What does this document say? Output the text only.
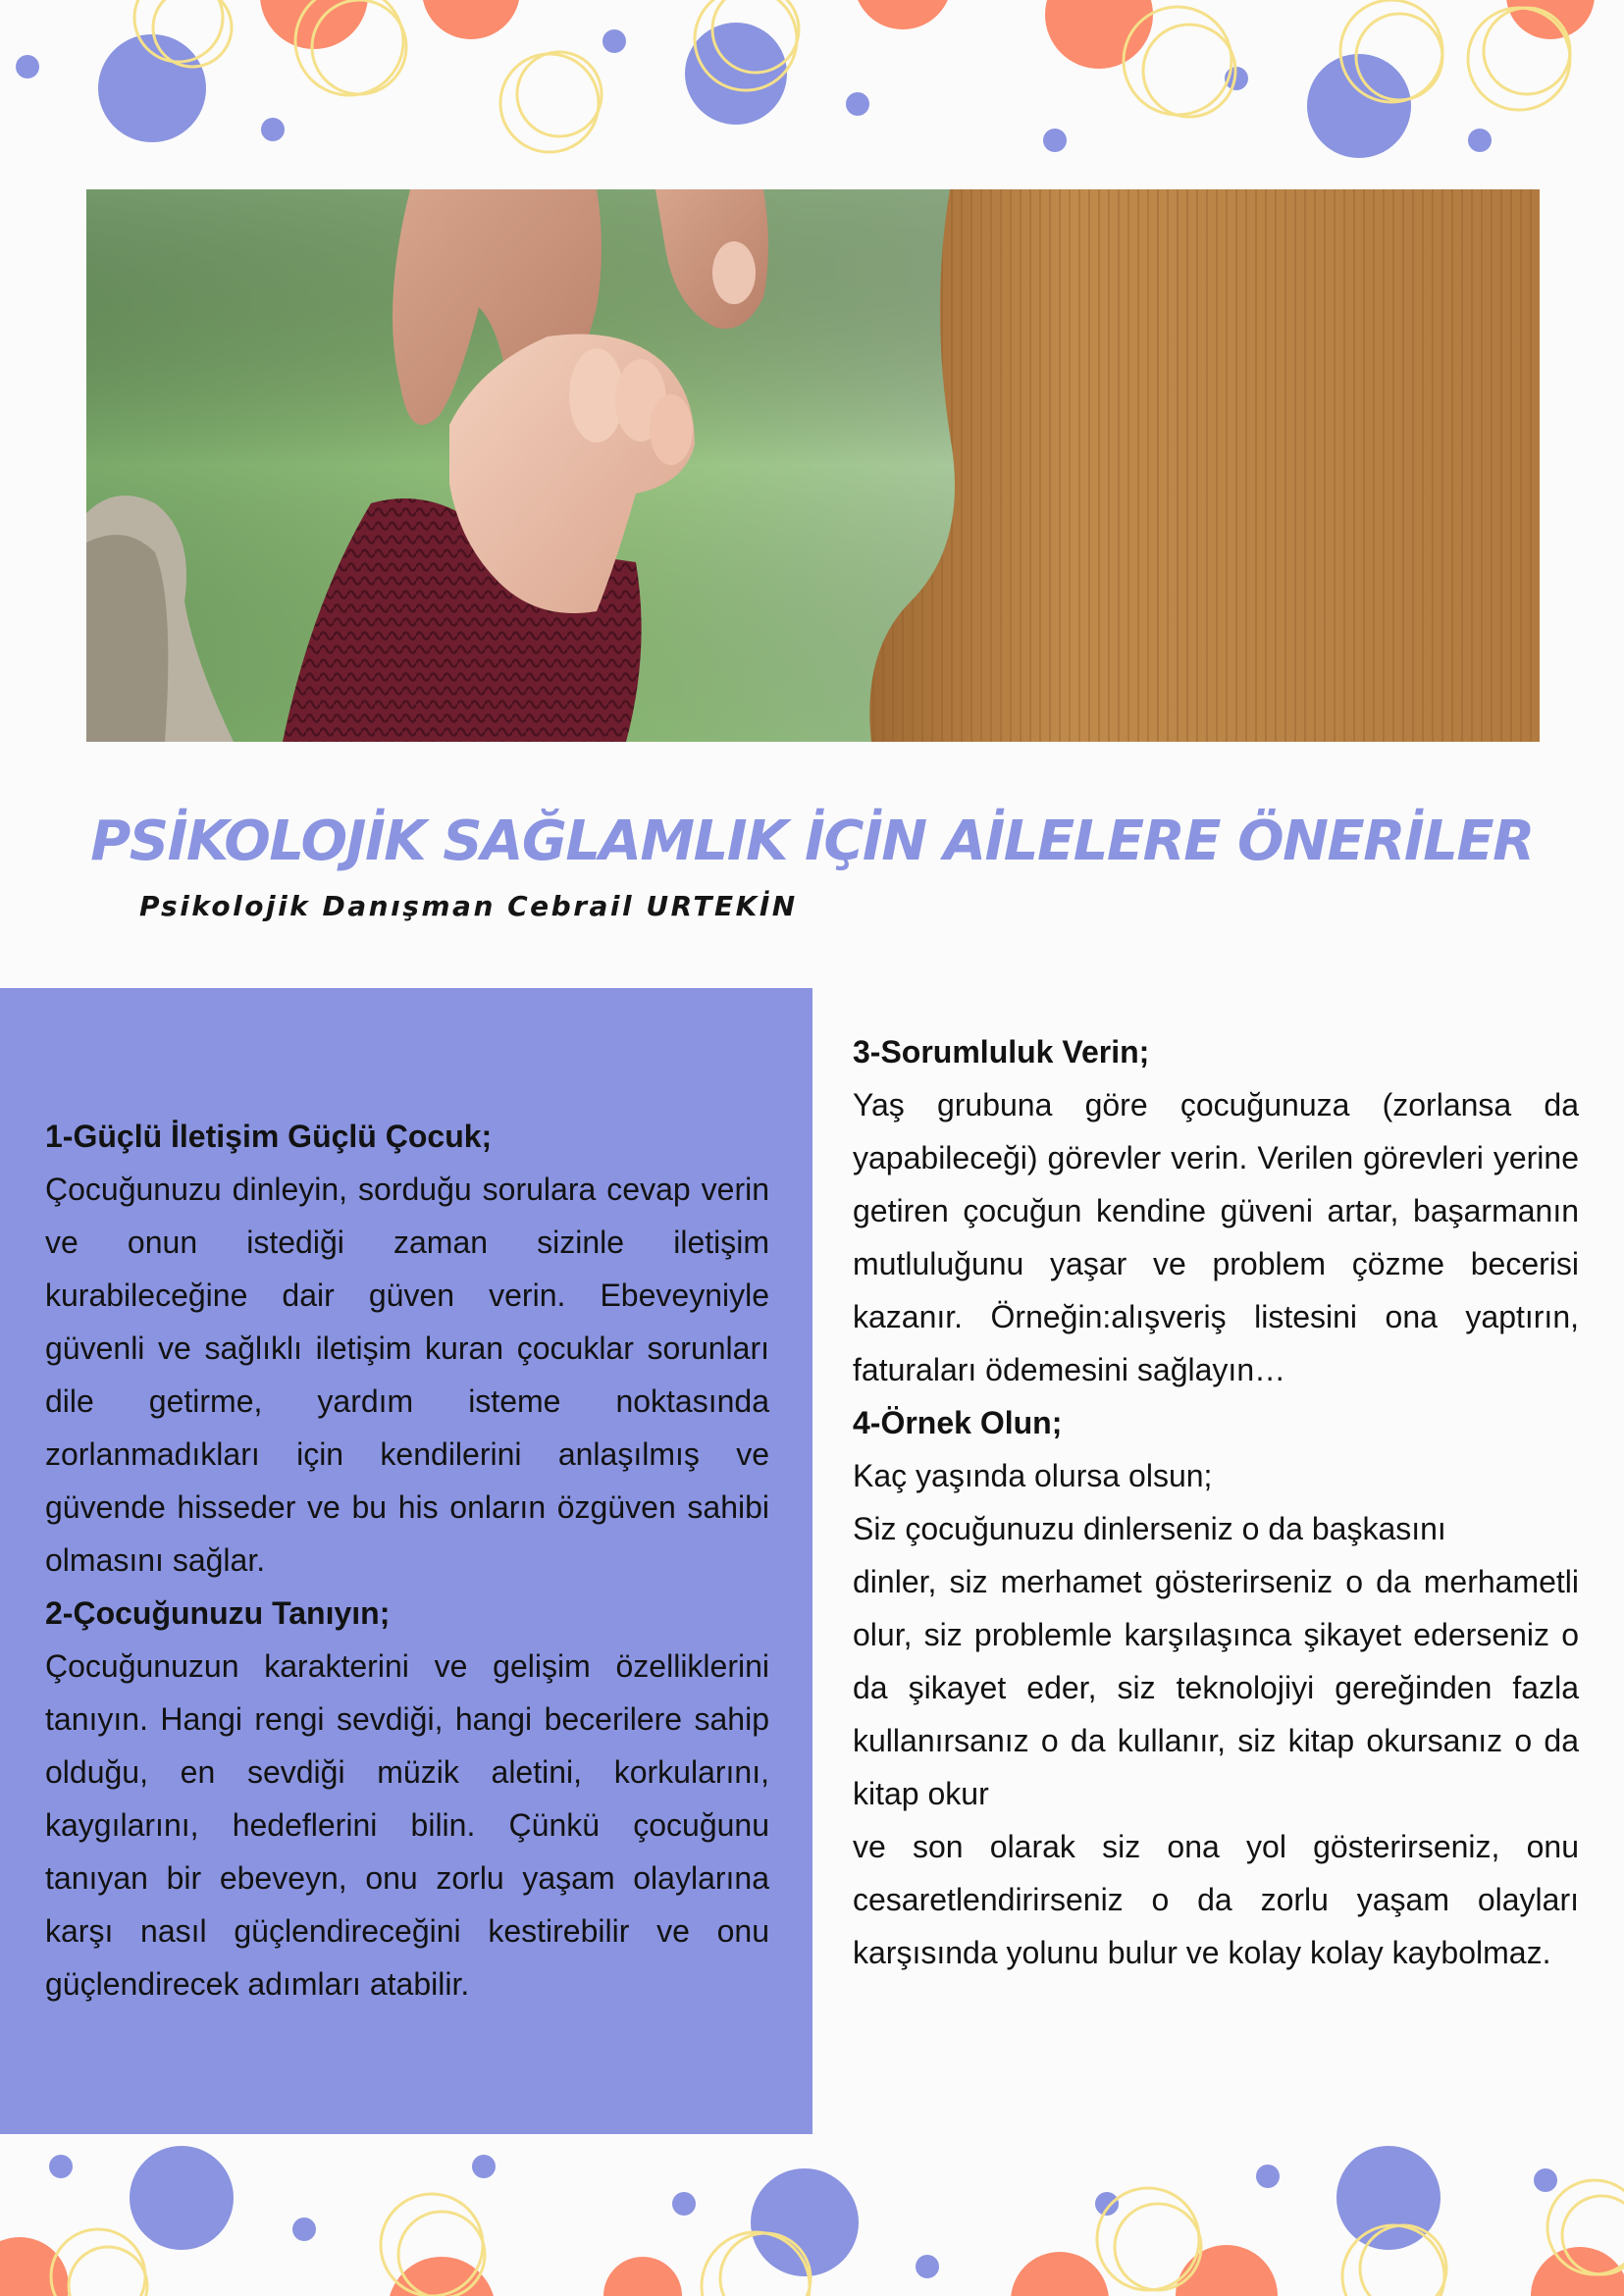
PSİKOLOJİK SAĞLAMLIK İÇİN AİLELERE ÖNERİLER
Psikolojik Danışman Cebrail URTEKİN
1-Güçlü İletişim Güçlü Çocuk;

Çocuğunuzu dinleyin, sorduğu sorulara cevap verin ve onun istediği zaman sizinle iletişim kurabileceğine dair güven verin. Ebeveyniyle güvenli ve sağlıklı iletişim kuran çocuklar sorunları dile getirme, yardım isteme noktasında zorlanmadıkları için kendilerini anlaşılmış ve güvende hisseder ve bu his onların özgüven sahibi olmasını sağlar.

2-Çocuğunuzu Tanıyın;

Çocuğunuzun karakterini ve gelişim özelliklerini tanıyın. Hangi rengi sevdiği, hangi becerilere sahip olduğu, en sevdiği müzik aletini, korkularını, kaygılarını, hedeflerini bilin. Çünkü çocuğunu tanıyan bir ebeveyn, onu zorlu yaşam olaylarına karşı nasıl güçlendireceğini kestirebilir ve onu güçlendirecek adımları atabilir.

3-Sorumluluk Verin;

Yaş grubuna göre çocuğunuza (zorlansa da yapabileceği) görevler verin. Verilen görevleri yerine getiren çocuğun kendine güveni artar, başarmanın mutluluğunu yaşar ve problem çözme becerisi kazanır. Örneğin:alışveriş listesini ona yaptırın, faturaları ödemesini sağlayın…

4-Örnek Olun;

Kaç yaşında olursa olsun;

Siz çocuğunuzu dinlerseniz o da başkasını

dinler, siz merhamet gösterirseniz o da merhametli olur, siz problemle karşılaşınca şikayet ederseniz o da şikayet eder, siz teknolojiyi gereğinden fazla kullanırsanız o da kullanır, siz kitap okursanız o da kitap okur

ve son olarak siz ona yol gösterirseniz, onu cesaretlendirirseniz o da zorlu yaşam olayları karşısında yolunu bulur ve kolay kolay kaybolmaz.
